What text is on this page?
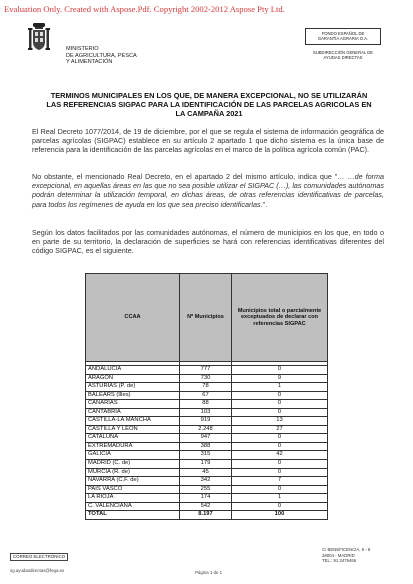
Evaluation Only. Created with Aspose.Pdf. Copyright 2002-2012 Aspose Pty Ltd.
MINISTERIO
DE AGRICULTURA, PESCA
Y ALIMENTACIÓN
FONDO ESPAÑOL DE
GARANTÍA AGRARIA O.A.
SUBDIRECCIÓN GENERAL DE
AYUDAS DIRECTAS
TERMINOS MUNICIPALES EN LOS QUE, DE MANERA EXCEPCIONAL, NO SE UTILIZARÁN LAS REFERENCIAS SIGPAC PARA LA IDENTIFICACIÓN DE LAS PARCELAS AGRICOLAS EN LA CAMPAÑA 2021
El Real Decreto 1077/2014, de 19 de diciembre, por el que se regula el sistema de información geográfica de parcelas agrícolas (SIGPAC) establece en su artículo 2 apartado 1 que dicho sistema es la única base de referencia para la identificación de las parcelas agrícolas en el marco de la política agrícola común (PAC).
No obstante, el mencionado Real Decreto, en el apartado 2 del mismo artículo, indica que "… …de forma excepcional, en aquellas áreas en las que no sea posible utilizar el SIGPAC (…), las comunidades autónomas podrán determinar la utilización temporal, en dichas áreas, de otras referencias identificativas de parcelas, para todos los regímenes de ayuda en los que sea preciso identificarlas.".
Según los datos facilitados por las comunidades autónomas, el número de municipios en los que, en todo o en parte de su territorio, la declaración de superficies se hará con referencias identificativas diferentes del código SIGPAC, es el siguiente.
CCAA	Nº Municipios	Municipios total o parcialmente exceptuados de declarar con referencias SIGPAC

ANDALUCIA	777	0
ARAGÓN	730	9
ASTURIAS (P. de)	78	1
BALEARS (Illes)	67	0
CANARIAS	88	0
CANTABRIA	103	0
CASTILLA-LA MANCHA	919	13
CASTILLA Y LEÓN	2.248	27
CATALUÑA	947	0
EXTREMADURA	388	0
GALICIA	315	42
MADRID (C. de)	179	0
MURCIA (R. de)	45	0
NAVARRA (C.F. de)	342	7
PAIS VASCO	255	0
LA RIOJA	174	1
C. VALENCIANA	542	0
TOTAL	8.197	100
CORREO ELECTRÓNICO
sg.ayudasdirectas@fega.es	Página 1 de 1
C/ BENEFICENCIA, 8 - 8
28004 - MADRID
TEL.: 91 3476466
